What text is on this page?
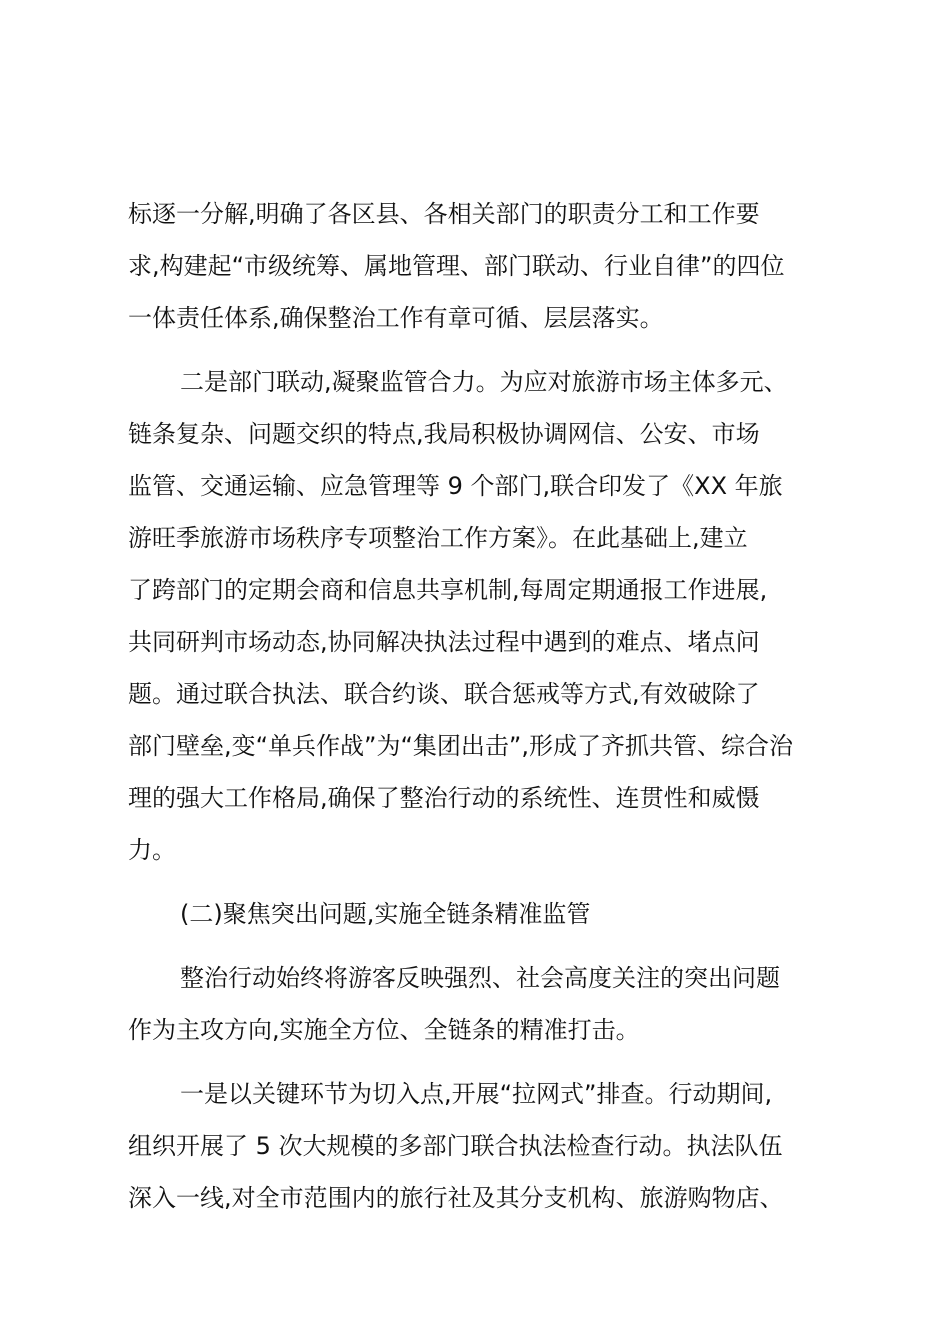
标逐一分解,明确了各区县、各相关部门的职责分工和工作要
求,构建起“市级统筹、属地管理、部门联动、行业自律”的四位
一体责任体系,确保整治工作有章可循、层层落实。
二是部门联动,凝聚监管合力。为应对旅游市场主体多元、
链条复杂、问题交织的特点,我局积极协调网信、公安、市场
监管、交通运输、应急管理等 9 个部门,联合印发了《XX 年旅
游旺季旅游市场秩序专项整治工作方案》。在此基础上,建立
了跨部门的定期会商和信息共享机制,每周定期通报工作进展,
共同研判市场动态,协同解决执法过程中遇到的难点、堵点问
题。通过联合执法、联合约谈、联合惩戒等方式,有效破除了
部门壁垒,变“单兵作战”为“集团出击”,形成了齐抓共管、综合治
理的强大工作格局,确保了整治行动的系统性、连贯性和威慑
力。
(二)聚焦突出问题,实施全链条精准监管
整治行动始终将游客反映强烈、社会高度关注的突出问题
作为主攻方向,实施全方位、全链条的精准打击。
一是以关键环节为切入点,开展“拉网式”排查。行动期间,
组织开展了 5 次大规模的多部门联合执法检查行动。执法队伍
深入一线,对全市范围内的旅行社及其分支机构、旅游购物店、
